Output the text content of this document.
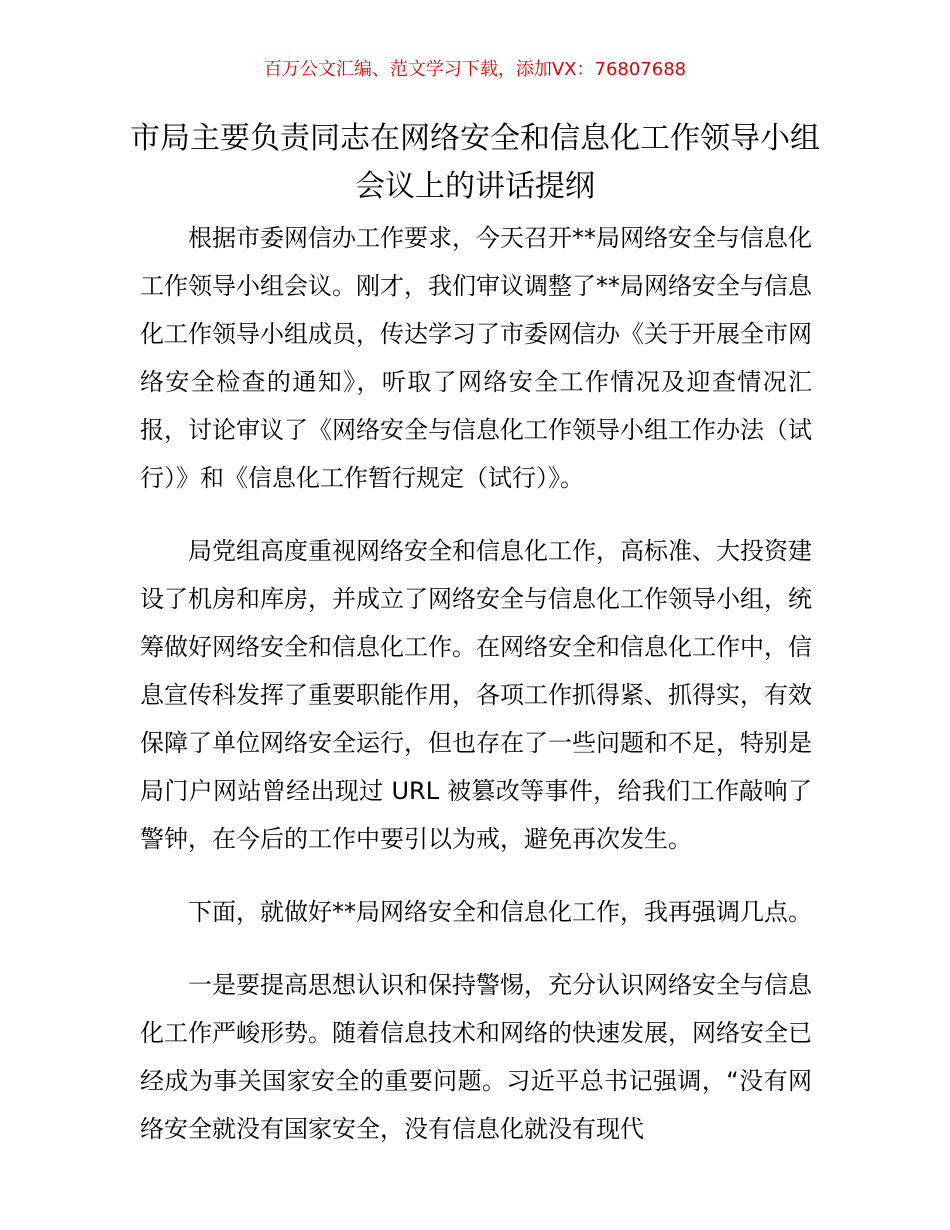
百万公文汇编、范文学习下载，添加VX：76807688
市局主要负责同志在网络安全和信息化工作领导小组会议上的讲话提纲

根据市委网信办工作要求，今天召开**局网络安全与信息化工作领导小组会议。刚才，我们审议调整了**局网络安全与信息化工作领导小组成员，传达学习了市委网信办《关于开展全市网络安全检查的通知》，听取了网络安全工作情况及迎查情况汇报，讨论审议了《网络安全与信息化工作领导小组工作办法（试行）》和《信息化工作暂行规定（试行）》。

局党组高度重视网络安全和信息化工作，高标准、大投资建设了机房和库房，并成立了网络安全与信息化工作领导小组，统筹做好网络安全和信息化工作。在网络安全和信息化工作中，信息宣传科发挥了重要职能作用，各项工作抓得紧、抓得实，有效保障了单位网络安全运行，但也存在了一些问题和不足，特别是局门户网站曾经出现过 URL 被篡改等事件，给我们工作敲响了警钟，在今后的工作中要引以为戒，避免再次发生。

下面，就做好**局网络安全和信息化工作，我再强调几点。

一是要提高思想认识和保持警惕，充分认识网络安全与信息化工作严峻形势。随着信息技术和网络的快速发展，网络安全已经成为事关国家安全的重要问题。习近平总书记强调，“没有网络安全就没有国家安全，没有信息化就没有现代
